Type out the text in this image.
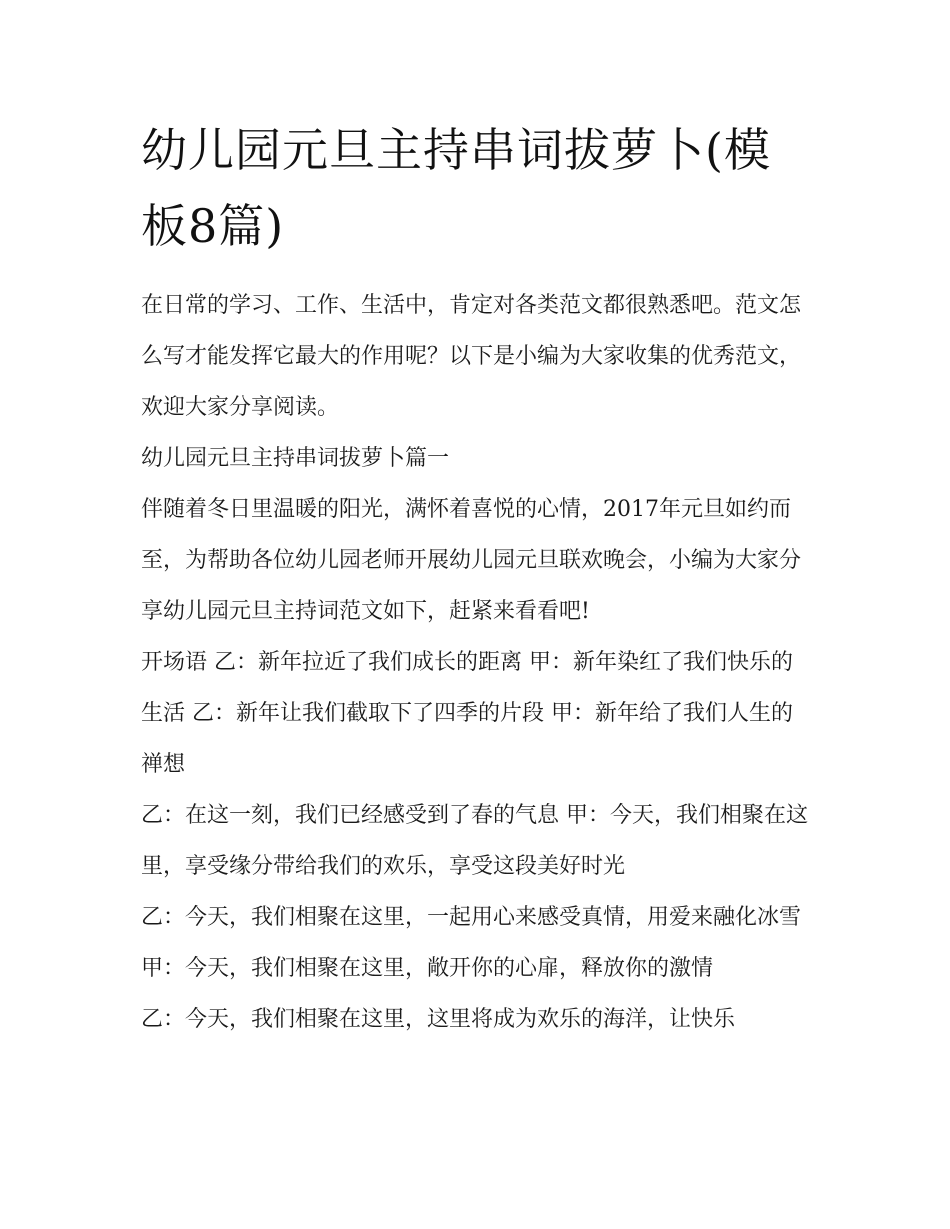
幼儿园元旦主持串词拔萝卜(模板8篇)

在日常的学习、工作、生活中，肯定对各类范文都很熟悉吧。范文怎么写才能发挥它最大的作用呢？以下是小编为大家收集的优秀范文，欢迎大家分享阅读。

幼儿园元旦主持串词拔萝卜篇一

伴随着冬日里温暖的阳光，满怀着喜悦的心情，2017年元旦如约而至，为帮助各位幼儿园老师开展幼儿园元旦联欢晚会，小编为大家分享幼儿园元旦主持词范文如下，赶紧来看看吧!

开场语 乙：新年拉近了我们成长的距离 甲：新年染红了我们快乐的生活 乙：新年让我们截取下了四季的片段 甲：新年给了我们人生的禅想

乙：在这一刻，我们已经感受到了春的气息 甲：今天，我们相聚在这里，享受缘分带给我们的欢乐，享受这段美好时光

乙：今天，我们相聚在这里，一起用心来感受真情，用爱来融化冰雪 甲：今天，我们相聚在这里，敞开你的心扉，释放你的激情

乙：今天，我们相聚在这里，这里将成为欢乐的海洋，让快乐
